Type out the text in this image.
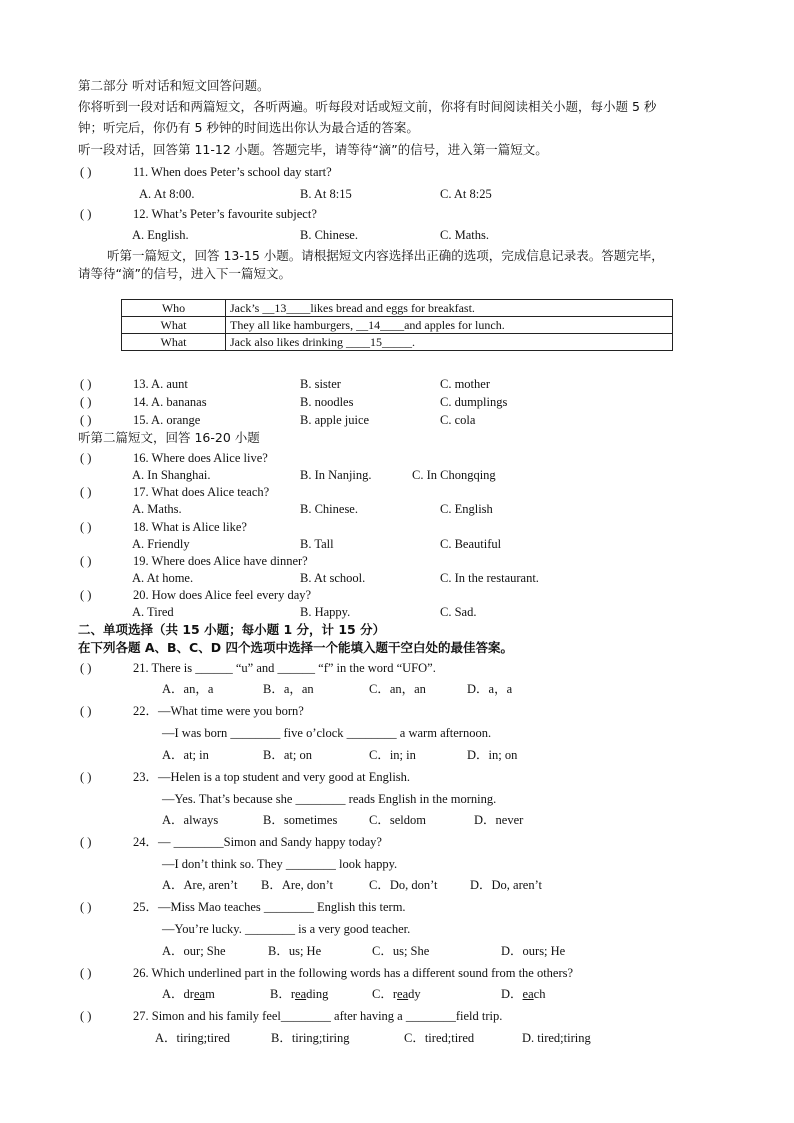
第二部分 听对话和短文回答问题。
你将听到一段对话和两篇短文，各听两遍。听每段对话或短文前，你将有时间阅读相关小题，每小题 5 秒
钟；听完后，你仍有 5 秒钟的时间选出你认为最合适的答案。
听一段对话，回答第 11-12 小题。答题完毕，请等待“滴”的信号，进入第一篇短文。
( )	11. When does Peter’s school day start?
A. At 8:00.	B. At 8:15	C. At 8:25
( )	12. What’s Peter’s favourite subject?
A. English.	B. Chinese.	C. Maths.
听第一篇短文，回答 13-15 小题。请根据短文内容选择出正确的选项，完成信息记录表。答题完毕，
请等待“滴”的信号，进入下一篇短文。
Who	Jack’s __13____likes bread and eggs for breakfast.
What	They all like hamburgers, __14____and apples for lunch.
What	Jack also likes drinking ____15_____.
( )	13. A. aunt	B. sister	C. mother
( )	14. A. bananas	B. noodles	C. dumplings
( )	15. A. orange	B. apple juice	C. cola
听第二篇短文，回答 16-20 小题
( )	16. Where does Alice live?
A. In Shanghai.	B. In Nanjing.	C. In Chongqing
( )	17. What does Alice teach?
A. Maths.	B. Chinese.	C. English
( )	18. What is Alice like?
A. Friendly	B. Tall	C. Beautiful
( )	19. Where does Alice have dinner?
A. At home.	B. At school.	C. In the restaurant.
( )	20. How does Alice feel every day?
A. Tired	B. Happy.	C. Sad.
二、单项选择（共 15 小题；每小题 1 分，计 15 分）
在下列各题 A、B、C、D 四个选项中选择一个能填入题干空白处的最佳答案。
( )	21. There is ______ “u” and ______ “f” in the word “UFO”.
A．an，a	B．a，an	C．an，an	D．a，a
( )	22．—What time were you born?
—I was born ________ five o’clock ________ a warm afternoon.
A．at; in	B．at; on	C．in; in	D．in; on
( )	23．—Helen is a top student and very good at English.
—Yes. That’s because she ________ reads English in the morning.
A．always	B．sometimes	C．seldom	D．never
( )	24．— ________Simon and Sandy happy today?
—I don’t think so. They ________ look happy.
A．Are, aren’t B．Are, don’t	C．Do, don’t	D．Do, aren’t
( )	25．—Miss Mao teaches ________ English this term.
—You’re lucky. ________ is a very good teacher.
A．our; She	B．us; He	C．us; She	D．ours; He
( )	26. Which underlined part in the following words has a different sound from the others?
A．dream	B．reading	C．ready	D．each
( )	27. Simon and his family feel________ after having a ________field trip.
A．tiring;tired	B．tiring;tiring	C．tired;tired	D. tired;tiring
